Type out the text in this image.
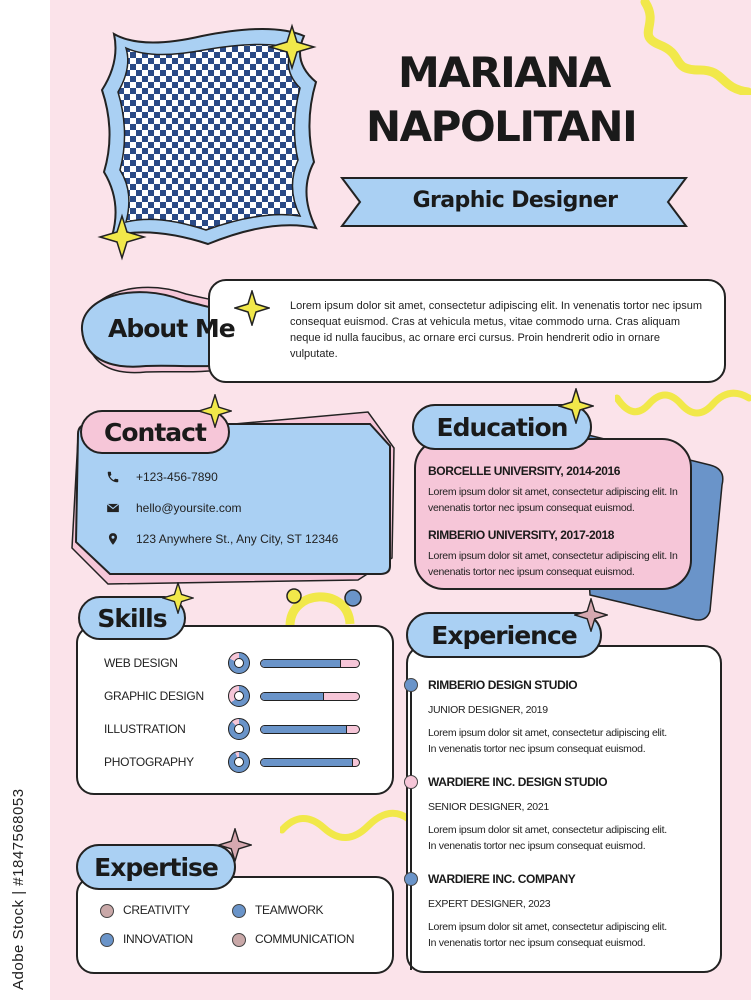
Adobe Stock | #1847568053
MARIANA
NAPOLITANI
Graphic Designer
About Me
Lorem ipsum dolor sit amet, consectetur adipiscing elit. In venenatis tortor nec ipsum consequat euismod. Cras at vehicula metus, vitae commodo urna. Cras aliquam neque id nulla faucibus, ac ornare erci cursus. Proin hendrerit odio in ornare vulputate.
Contact
+123-456-7890
hello@yoursite.com
123 Anywhere St., Any City, ST 12346
Education
BORCELLE UNIVERSITY, 2014-2016
Lorem ipsum dolor sit amet, consectetur adipiscing elit. In
venenatis tortor nec ipsum consequat euismod.
RIMBERIO UNIVERSITY, 2017-2018
Lorem ipsum dolor sit amet, consectetur adipiscing elit. In
venenatis tortor nec ipsum consequat euismod.
Skills
WEB DESIGN
GRAPHIC DESIGN
ILLUSTRATION
PHOTOGRAPHY
Expertise
CREATIVITY	TEAMWORK
INNOVATION	COMMUNICATION
Experience
RIMBERIO DESIGN STUDIO
JUNIOR DESIGNER, 2019
Lorem ipsum dolor sit amet, consectetur adipiscing elit.
In venenatis tortor nec ipsum consequat euismod.
WARDIERE INC. DESIGN STUDIO
SENIOR DESIGNER, 2021
Lorem ipsum dolor sit amet, consectetur adipiscing elit.
In venenatis tortor nec ipsum consequat euismod.
WARDIERE INC. COMPANY
EXPERT DESIGNER, 2023
Lorem ipsum dolor sit amet, consectetur adipiscing elit.
In venenatis tortor nec ipsum consequat euismod.
